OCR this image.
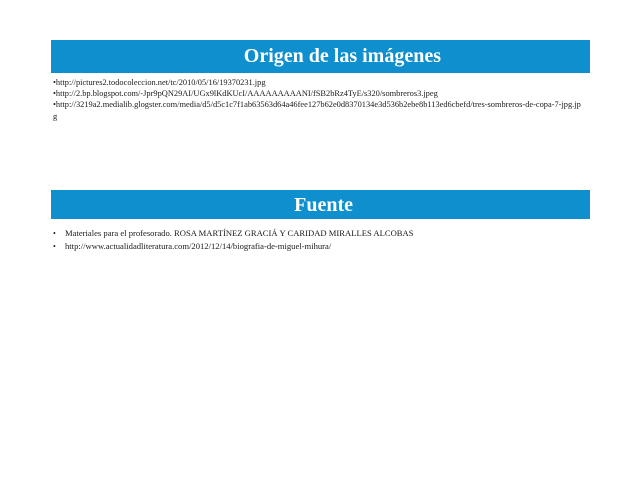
Origen de las imágenes
•http://pictures2.todocoleccion.net/tc/2010/05/16/19370231.jpg
•http://2.bp.blogspot.com/-Jpr9pQN29AI/UGx9lKdKUcI/AAAAAAAAANI/fSB2bRz4TyE/s320/sombreros3.jpeg
•http://3219a2.medialib.glogster.com/media/d5/d5c1c7f1ab63563d64a46fee127b62e0d8370134e3d536b2ebe8b113ed6cbefd/tres-sombreros-de-copa-7-jpg.jpg
Fuente
•	Materiales para el profesorado. ROSA MARTÍNEZ GRACIÁ Y CARIDAD MIRALLES ALCOBAS
•	http://www.actualidadliteratura.com/2012/12/14/biografia-de-miguel-mihura/
